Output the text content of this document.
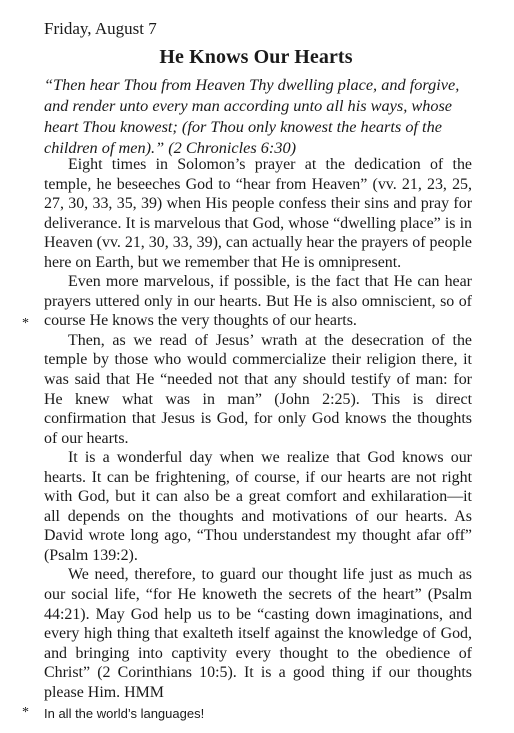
Friday, August 7
He Knows Our Hearts

“Then hear Thou from Heaven Thy dwelling place, and forgive, and render unto every man according unto all his ways, whose heart Thou knowest; (for Thou only knowest the hearts of the children of men).” (2 Chronicles 6:30)

Eight times in Solomon’s prayer at the dedication of the temple, he beseeches God to “hear from Heaven” (vv. 21, 23, 25, 27, 30, 33, 35, 39) when His people confess their sins and pray for deliverance. It is marvelous that God, whose “dwelling place” is in Heaven (vv. 21, 30, 33, 39), can actually hear the prayers of people here on Earth, but we remember that He is omnipresent.

Even more marvelous, if possible, is the fact that He can hear prayers uttered only in our hearts. But He is also omniscient, so of course He knows the very thoughts of our hearts.

Then, as we read of Jesus’ wrath at the desecration of the temple by those who would commercialize their religion there, it was said that He “needed not that any should testify of man: for He knew what was in man” (John 2:25). This is direct confirmation that Jesus is God, for only God knows the thoughts of our hearts.

It is a wonderful day when we realize that God knows our hearts. It can be frightening, of course, if our hearts are not right with God, but it can also be a great comfort and exhilaration—it all depends on the thoughts and motivations of our hearts. As David wrote long ago, “Thou understandest my thought afar off” (Psalm 139:2).

We need, therefore, to guard our thought life just as much as our social life, “for He knoweth the secrets of the heart” (Psalm 44:21). May God help us to be “casting down imaginations, and every high thing that exalteth itself against the knowledge of God, and bringing into captivity every thought to the obedience of Christ” (2 Corinthians 10:5). It is a good thing if our thoughts please Him. HMM

*
* In all the world’s languages!
